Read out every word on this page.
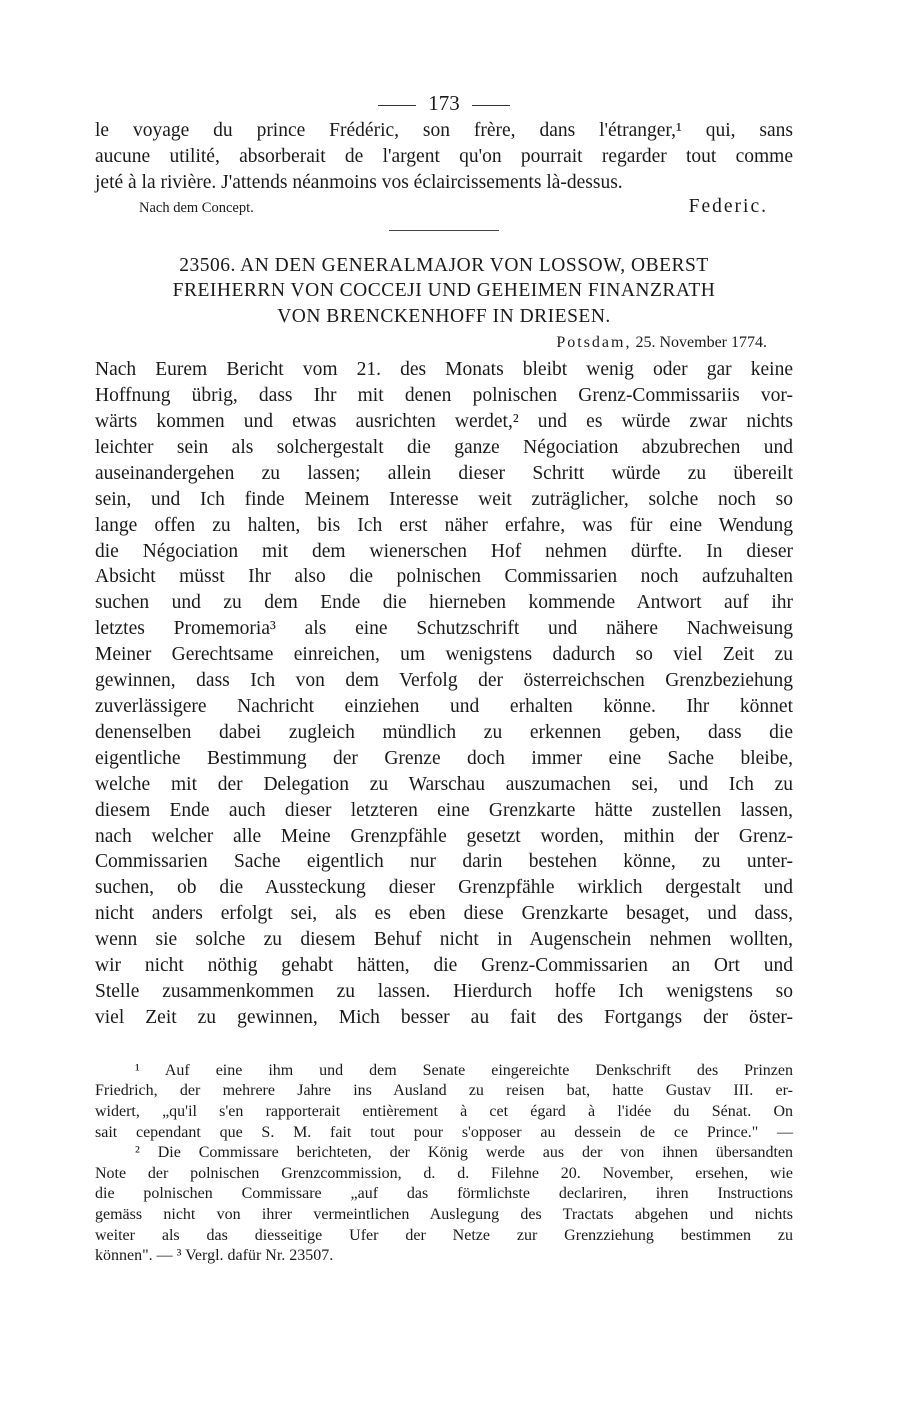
173
le voyage du prince Frédéric, son frère, dans l'étranger,¹ qui, sans
aucune utilité, absorberait de l'argent qu'on pourrait regarder tout comme
jeté à la rivière. J'attends néanmoins vos éclaircissements là-dessus.
Nach dem Concept.	Federic.
23506. AN DEN GENERALMAJOR VON LOSSOW, OBERST
FREIHERRN VON COCCEJI UND GEHEIMEN FINANZRATH
VON BRENCKENHOFF IN DRIESEN.
Potsdam, 25. November 1774.
Nach Eurem Bericht vom 21. des Monats bleibt wenig oder gar keine
Hoffnung übrig, dass Ihr mit denen polnischen Grenz-Commissariis vor-
wärts kommen und etwas ausrichten werdet,² und es würde zwar nichts
leichter sein als solchergestalt die ganze Négociation abzubrechen und
auseinandergehen zu lassen; allein dieser Schritt würde zu übereilt
sein, und Ich finde Meinem Interesse weit zuträglicher, solche noch so
lange offen zu halten, bis Ich erst näher erfahre, was für eine Wendung
die Négociation mit dem wienerschen Hof nehmen dürfte. In dieser
Absicht müsst Ihr also die polnischen Commissarien noch aufzuhalten
suchen und zu dem Ende die hierneben kommende Antwort auf ihr
letztes Promemoria³ als eine Schutzschrift und nähere Nachweisung
Meiner Gerechtsame einreichen, um wenigstens dadurch so viel Zeit zu
gewinnen, dass Ich von dem Verfolg der österreichschen Grenzbeziehung
zuverlässigere Nachricht einziehen und erhalten könne. Ihr könnet
denenselben dabei zugleich mündlich zu erkennen geben, dass die
eigentliche Bestimmung der Grenze doch immer eine Sache bleibe,
welche mit der Delegation zu Warschau auszumachen sei, und Ich zu
diesem Ende auch dieser letzteren eine Grenzkarte hätte zustellen lassen,
nach welcher alle Meine Grenzpfähle gesetzt worden, mithin der Grenz-
Commissarien Sache eigentlich nur darin bestehen könne, zu unter-
suchen, ob die Aussteckung dieser Grenzpfähle wirklich dergestalt und
nicht anders erfolgt sei, als es eben diese Grenzkarte besaget, und dass,
wenn sie solche zu diesem Behuf nicht in Augenschein nehmen wollten,
wir nicht nöthig gehabt hätten, die Grenz-Commissarien an Ort und
Stelle zusammenkommen zu lassen. Hierdurch hoffe Ich wenigstens so
viel Zeit zu gewinnen, Mich besser au fait des Fortgangs der öster-
¹ Auf eine ihm und dem Senate eingereichte Denkschrift des Prinzen
Friedrich, der mehrere Jahre ins Ausland zu reisen bat, hatte Gustav III. er-
widert, „qu'il s'en rapporterait entièrement à cet égard à l'idée du Sénat. On
sait cependant que S. M. fait tout pour s'opposer au dessein de ce Prince." —
² Die Commissare berichteten, der König werde aus der von ihnen übersandten
Note der polnischen Grenzcommission, d. d. Filehne 20. November, ersehen, wie
die polnischen Commissare „auf das förmlichste declariren, ihren Instructions
gemäss nicht von ihrer vermeintlichen Auslegung des Tractats abgehen und nichts
weiter als das diesseitige Ufer der Netze zur Grenzziehung bestimmen zu
können". — ³ Vergl. dafür Nr. 23507.
